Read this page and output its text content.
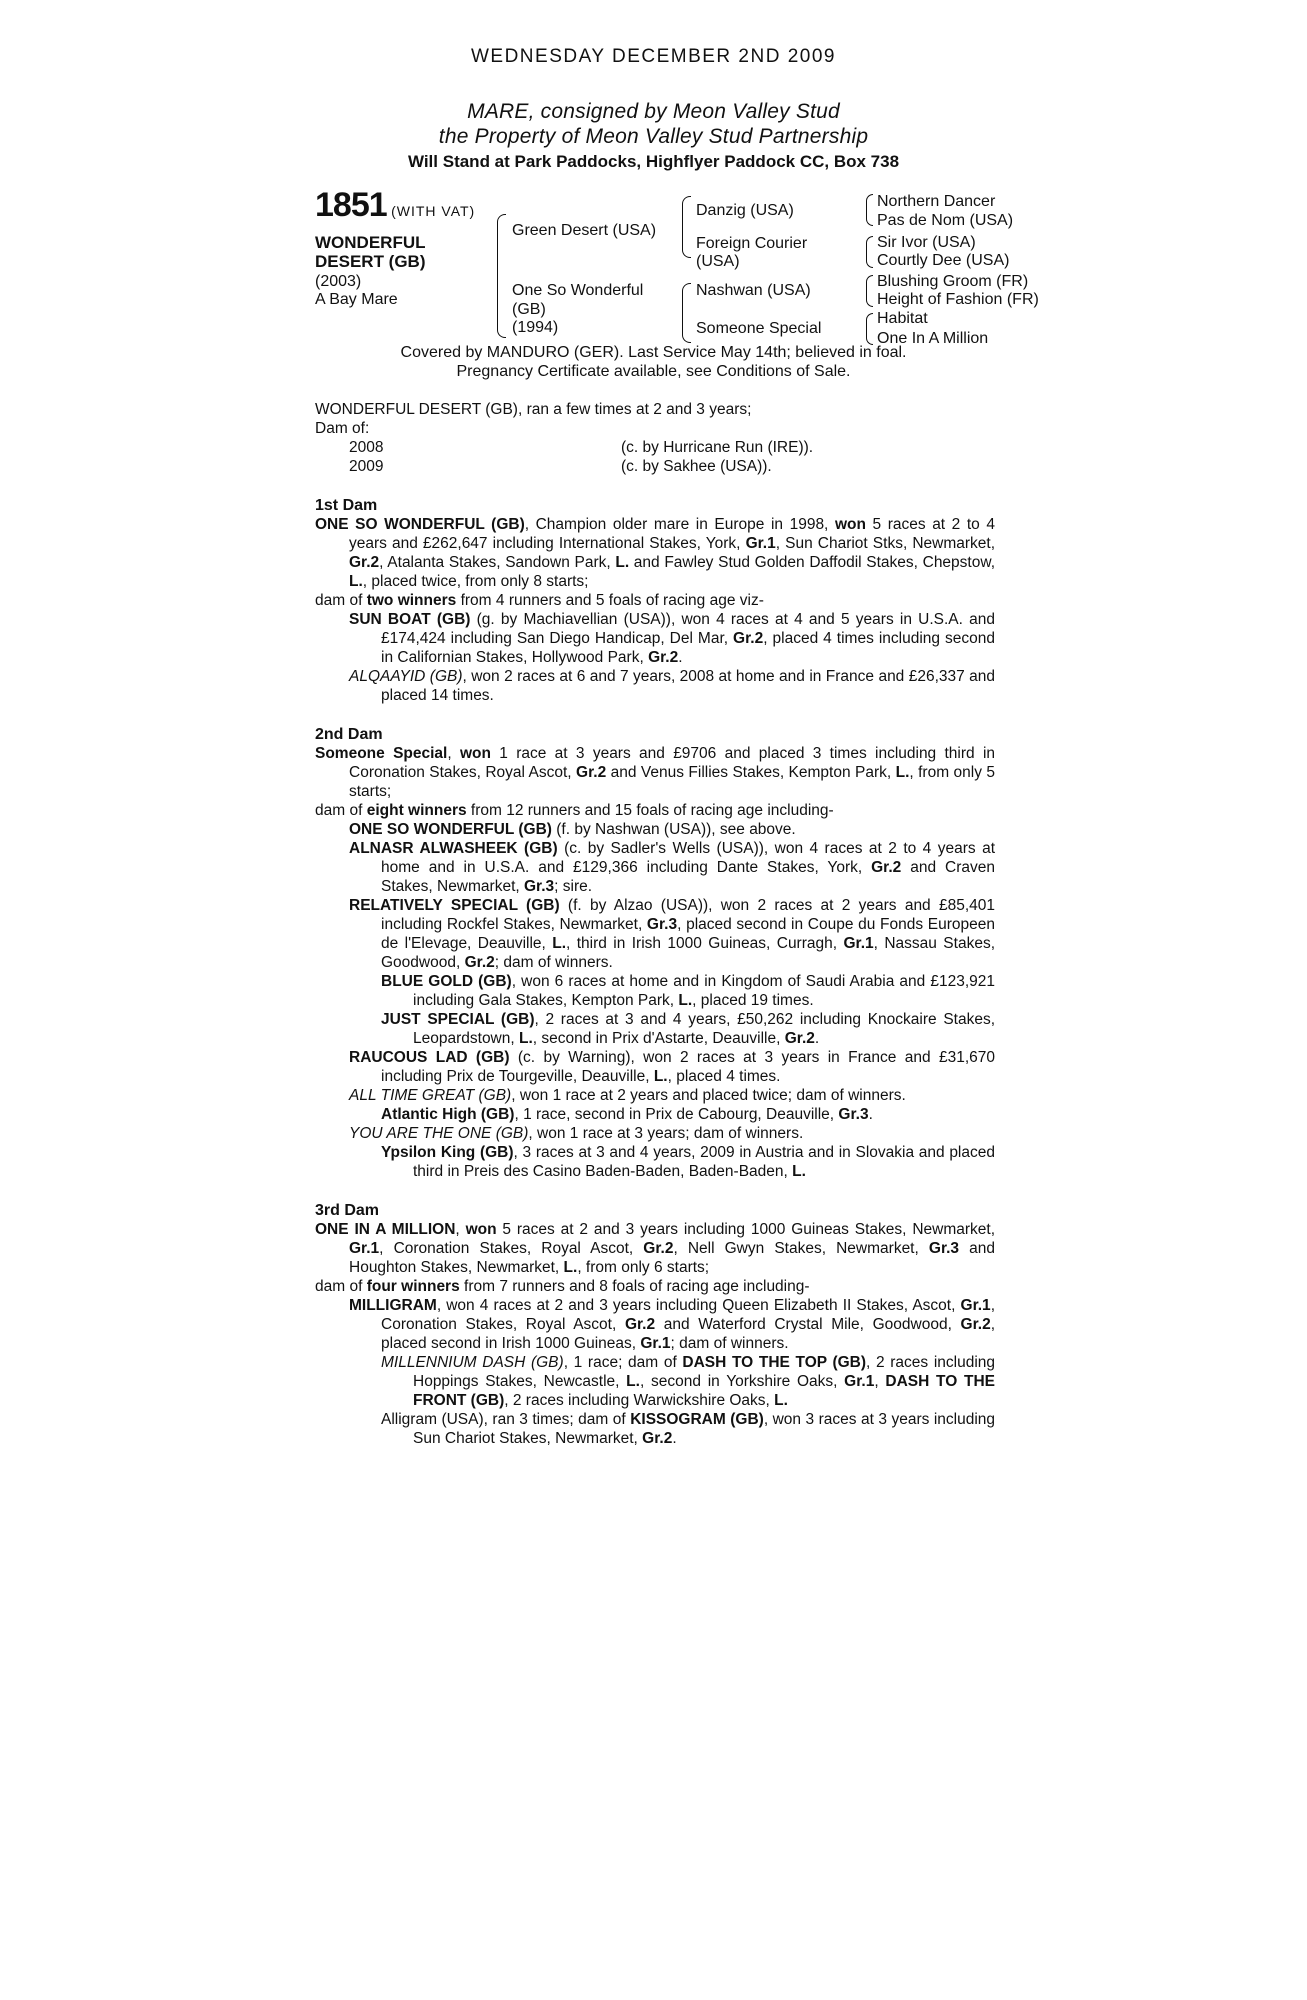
WEDNESDAY DECEMBER 2ND 2009
MARE, consigned by Meon Valley Stud
the Property of Meon Valley Stud Partnership
Will Stand at Park Paddocks, Highflyer Paddock CC, Box 738
1851 (WITH VAT)
WONDERFUL
DESERT (GB)
(2003)
A Bay Mare
Green Desert (USA)
One So Wonderful
(GB)
(1994)
Danzig (USA)
Foreign Courier
(USA)
Nashwan (USA)
Someone Special
Northern Dancer
Pas de Nom (USA)
Sir Ivor (USA)
Courtly Dee (USA)
Blushing Groom (FR)
Height of Fashion (FR)
Habitat
One In A Million
Covered by MANDURO (GER). Last Service May 14th; believed in foal.
Pregnancy Certificate available, see Conditions of Sale.

WONDERFUL DESERT (GB), ran a few times at 2 and 3 years;

Dam of:

2008	(c. by Hurricane Run (IRE)).
2009	(c. by Sakhee (USA)).
1st Dam

ONE SO WONDERFUL (GB), Champion older mare in Europe in 1998, won 5 races at 2 to 4 years and £262,647 including International Stakes, York, Gr.1, Sun Chariot Stks, Newmarket, Gr.2, Atalanta Stakes, Sandown Park, L. and Fawley Stud Golden Daffodil Stakes, Chepstow, L., placed twice, from only 8 starts;

dam of two winners from 4 runners and 5 foals of racing age viz-

SUN BOAT (GB) (g. by Machiavellian (USA)), won 4 races at 4 and 5 years in U.S.A. and £174,424 including San Diego Handicap, Del Mar, Gr.2, placed 4 times including second in Californian Stakes, Hollywood Park, Gr.2.

ALQAAYID (GB), won 2 races at 6 and 7 years, 2008 at home and in France and £26,337 and placed 14 times.

2nd Dam

Someone Special, won 1 race at 3 years and £9706 and placed 3 times including third in Coronation Stakes, Royal Ascot, Gr.2 and Venus Fillies Stakes, Kempton Park, L., from only 5 starts;

dam of eight winners from 12 runners and 15 foals of racing age including-

ONE SO WONDERFUL (GB) (f. by Nashwan (USA)), see above.

ALNASR ALWASHEEK (GB) (c. by Sadler's Wells (USA)), won 4 races at 2 to 4 years at home and in U.S.A. and £129,366 including Dante Stakes, York, Gr.2 and Craven Stakes, Newmarket, Gr.3; sire.

RELATIVELY SPECIAL (GB) (f. by Alzao (USA)), won 2 races at 2 years and £85,401 including Rockfel Stakes, Newmarket, Gr.3, placed second in Coupe du Fonds Europeen de l'Elevage, Deauville, L., third in Irish 1000 Guineas, Curragh, Gr.1, Nassau Stakes, Goodwood, Gr.2; dam of winners.

BLUE GOLD (GB), won 6 races at home and in Kingdom of Saudi Arabia and £123,921 including Gala Stakes, Kempton Park, L., placed 19 times.

JUST SPECIAL (GB), 2 races at 3 and 4 years, £50,262 including Knockaire Stakes, Leopardstown, L., second in Prix d'Astarte, Deauville, Gr.2.

RAUCOUS LAD (GB) (c. by Warning), won 2 races at 3 years in France and £31,670 including Prix de Tourgeville, Deauville, L., placed 4 times.

ALL TIME GREAT (GB), won 1 race at 2 years and placed twice; dam of winners.

Atlantic High (GB), 1 race, second in Prix de Cabourg, Deauville, Gr.3.

YOU ARE THE ONE (GB), won 1 race at 3 years; dam of winners.

Ypsilon King (GB), 3 races at 3 and 4 years, 2009 in Austria and in Slovakia and placed third in Preis des Casino Baden-Baden, Baden-Baden, L.

3rd Dam

ONE IN A MILLION, won 5 races at 2 and 3 years including 1000 Guineas Stakes, Newmarket, Gr.1, Coronation Stakes, Royal Ascot, Gr.2, Nell Gwyn Stakes, Newmarket, Gr.3 and Houghton Stakes, Newmarket, L., from only 6 starts;

dam of four winners from 7 runners and 8 foals of racing age including-

MILLIGRAM, won 4 races at 2 and 3 years including Queen Elizabeth II Stakes, Ascot, Gr.1, Coronation Stakes, Royal Ascot, Gr.2 and Waterford Crystal Mile, Goodwood, Gr.2, placed second in Irish 1000 Guineas, Gr.1; dam of winners.

MILLENNIUM DASH (GB), 1 race; dam of DASH TO THE TOP (GB), 2 races including Hoppings Stakes, Newcastle, L., second in Yorkshire Oaks, Gr.1, DASH TO THE FRONT (GB), 2 races including Warwickshire Oaks, L.

Alligram (USA), ran 3 times; dam of KISSOGRAM (GB), won 3 races at 3 years including Sun Chariot Stakes, Newmarket, Gr.2.
